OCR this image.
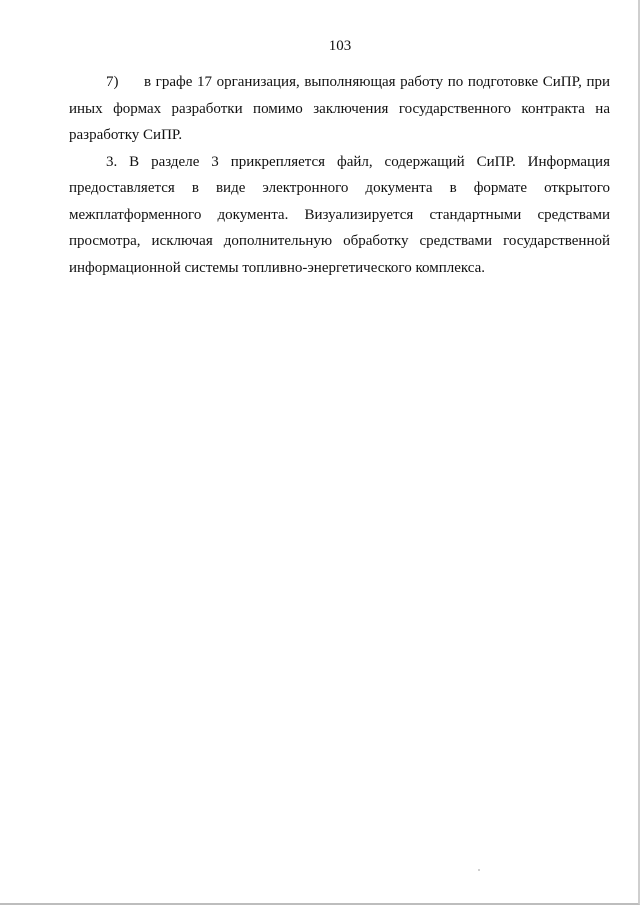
103

7) в графе 17 организация, выполняющая работу по подготовке СиПР, при иных формах разработки помимо заключения государственного контракта на разработку СиПР.

3. В разделе 3 прикрепляется файл, содержащий СиПР. Информация предоставляется в виде электронного документа в формате открытого межплатформенного документа. Визуализируется стандартными средствами просмотра, исключая дополнительную обработку средствами государственной информационной системы топливно-энергетического комплекса.
